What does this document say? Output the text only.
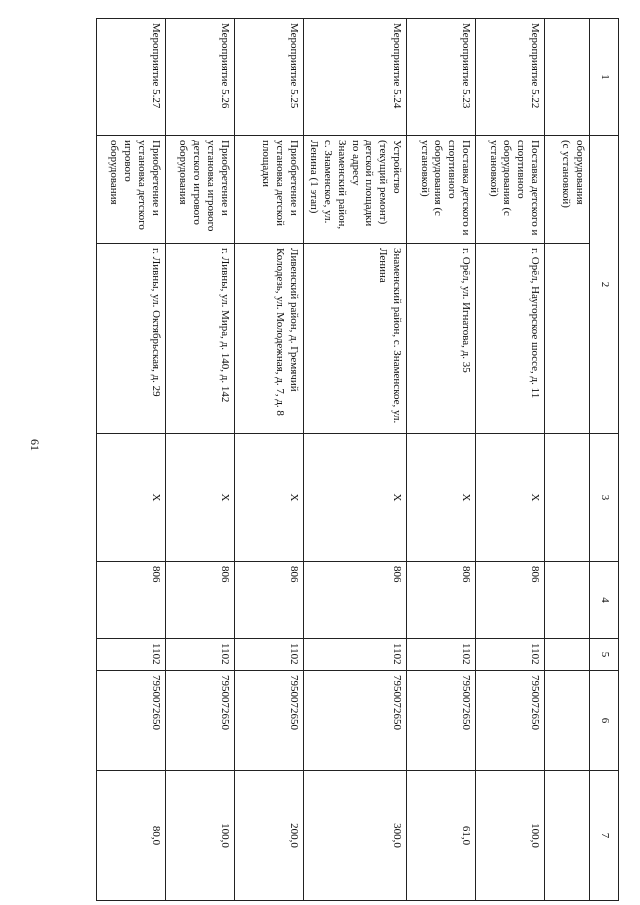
61
1	2		3	4	5	6	7
	оборудования
(с установкой)						
Мероприятие 5.22	Поставка детского и спортивного оборудования (с установкой)	г. Орёл, Наугорское шоссе, д. 11	X	806	1102	7950072650	100,0
Мероприятие 5.23	Поставка детского и спортивного оборудования (с установкой)	г. Орёл, ул. Игнатова, д. 35	X	806	1102	7950072650	61,0
Мероприятие 5.24	Устройство (текущий ремонт) детской площадки по адресу Знаменский район, с. Знаменское, ул. Ленина (1 этап)	Знаменский район, с. Знаменское, ул. Ленина	X	806	1102	7950072650	300,0
Мероприятие 5.25	Приобретение и установка детской площадки	Ливенский район, д. Гремячий Колодезь, ул. Молодежная, д. 7, д. 8	X	806	1102	7950072650	200,0
Мероприятие 5.26	Приобретение и установка игрового детского игрового оборудования	г. Ливны, ул. Мира, д. 140, д. 142	X	806	1102	7950072650	100,0
Мероприятие 5.27	Приобретение и установка детского игрового оборудования	г. Ливны, ул. Октябрьская, д. 29	X	806	1102	7950072650	80,0
